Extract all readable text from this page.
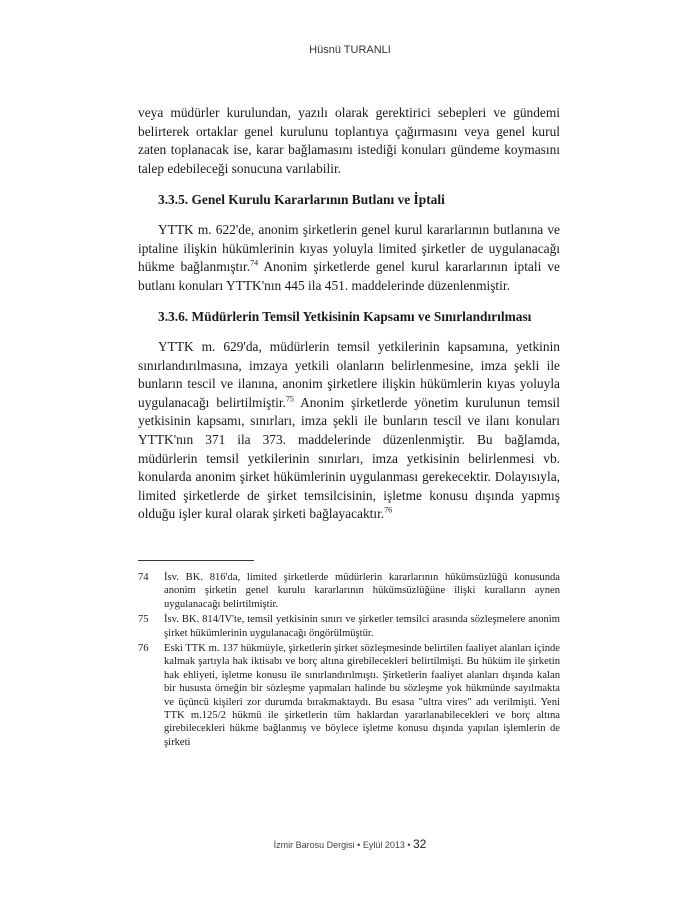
Hüsnü TURANLI

veya müdürler kurulundan, yazılı olarak gerektirici sebepleri ve gündemi belirterek ortaklar genel kurulunu toplantıya çağırmasını veya genel kurul zaten toplanacak ise, karar bağlamasını istediği konuları gündeme koymasını talep edebileceği sonucuna varılabilir.

3.3.5. Genel Kurulu Kararlarının Butlanı ve İptali

YTTK m. 622'de, anonim şirketlerin genel kurul kararlarının butlanına ve iptaline ilişkin hükümlerinin kıyas yoluyla limited şirketler de uygulanacağı hükme bağlanmıştır.$^{74}$ Anonim şirketlerde genel kurul kararlarının iptali ve butlanı konuları YTTK'nın 445 ila 451. maddelerinde düzenlenmiştir.

3.3.6. Müdürlerin Temsil Yetkisinin Kapsamı ve Sınırlandırılması

YTTK m. 629'da, müdürlerin temsil yetkilerinin kapsamına, yetkinin sınırlandırılmasına, imzaya yetkili olanların belirlenmesine, imza şekli ile bunların tescil ve ilanına, anonim şirketlere ilişkin hükümlerin kıyas yoluyla uygulanacağı belirtilmiştir.$^{75}$ Anonim şirketlerde yönetim kurulunun temsil yetkisinin kapsamı, sınırları, imza şekli ile bunların tescil ve ilanı konuları YTTK'nın 371 ila 373. maddelerinde düzenlenmiştir. Bu bağlamda, müdürlerin temsil yetkilerinin sınırları, imza yetkisinin belirlenmesi vb. konularda anonim şirket hükümlerinin uygulanması gerekecektir. Dolayısıyla, limited şirketlerde de şirket temsilcisinin, işletme konusu dışında yapmış olduğu işler kural olarak şirketi bağlayacaktır.$^{76}$

74	İsv. BK. 816'da, limited şirketlerde müdürlerin kararlarının hükümsüzlüğü konusunda anonim şirketin genel kurulu kararlarının hükümsüzlüğüne ilişki kuralların aynen uygulanacağı belirtilmiştir.
75	İsv. BK. 814/IV'te, temsil yetkisinin sınırı ve şirketler temsilci arasında sözleşmelere anonim şirket hükümlerinin uygulanacağı öngörülmüştür.
76	Eski TTK m. 137 hükmüyle, şirketlerin şirket sözleşmesinde belirtilen faaliyet alanları içinde kalmak şartıyla hak iktisabı ve borç altına girebilecekleri belirtilmişti. Bu hüküm ile şirketin hak ehliyeti, işletme konusu ile sınırlandırılmıştı. Şirketlerin faaliyet alanları dışında kalan bir hususta örneğin bir sözleşme yapmaları halinde bu sözleşme yok hükmünde sayılmakta ve üçüncü kişileri zor durumda bırakmaktaydı. Bu esasa "ultra vires" adı verilmişti. Yeni TTK m.125/2 hükmü ile şirketlerin tüm haklardan yararlanabilecekleri ve borç altına girebilecekleri hükme bağlanmış ve böylece işletme konusu dışında yapılan işlemlerin de şirketi
İzmir Barosu Dergisi • Eylül 2013 • 32
